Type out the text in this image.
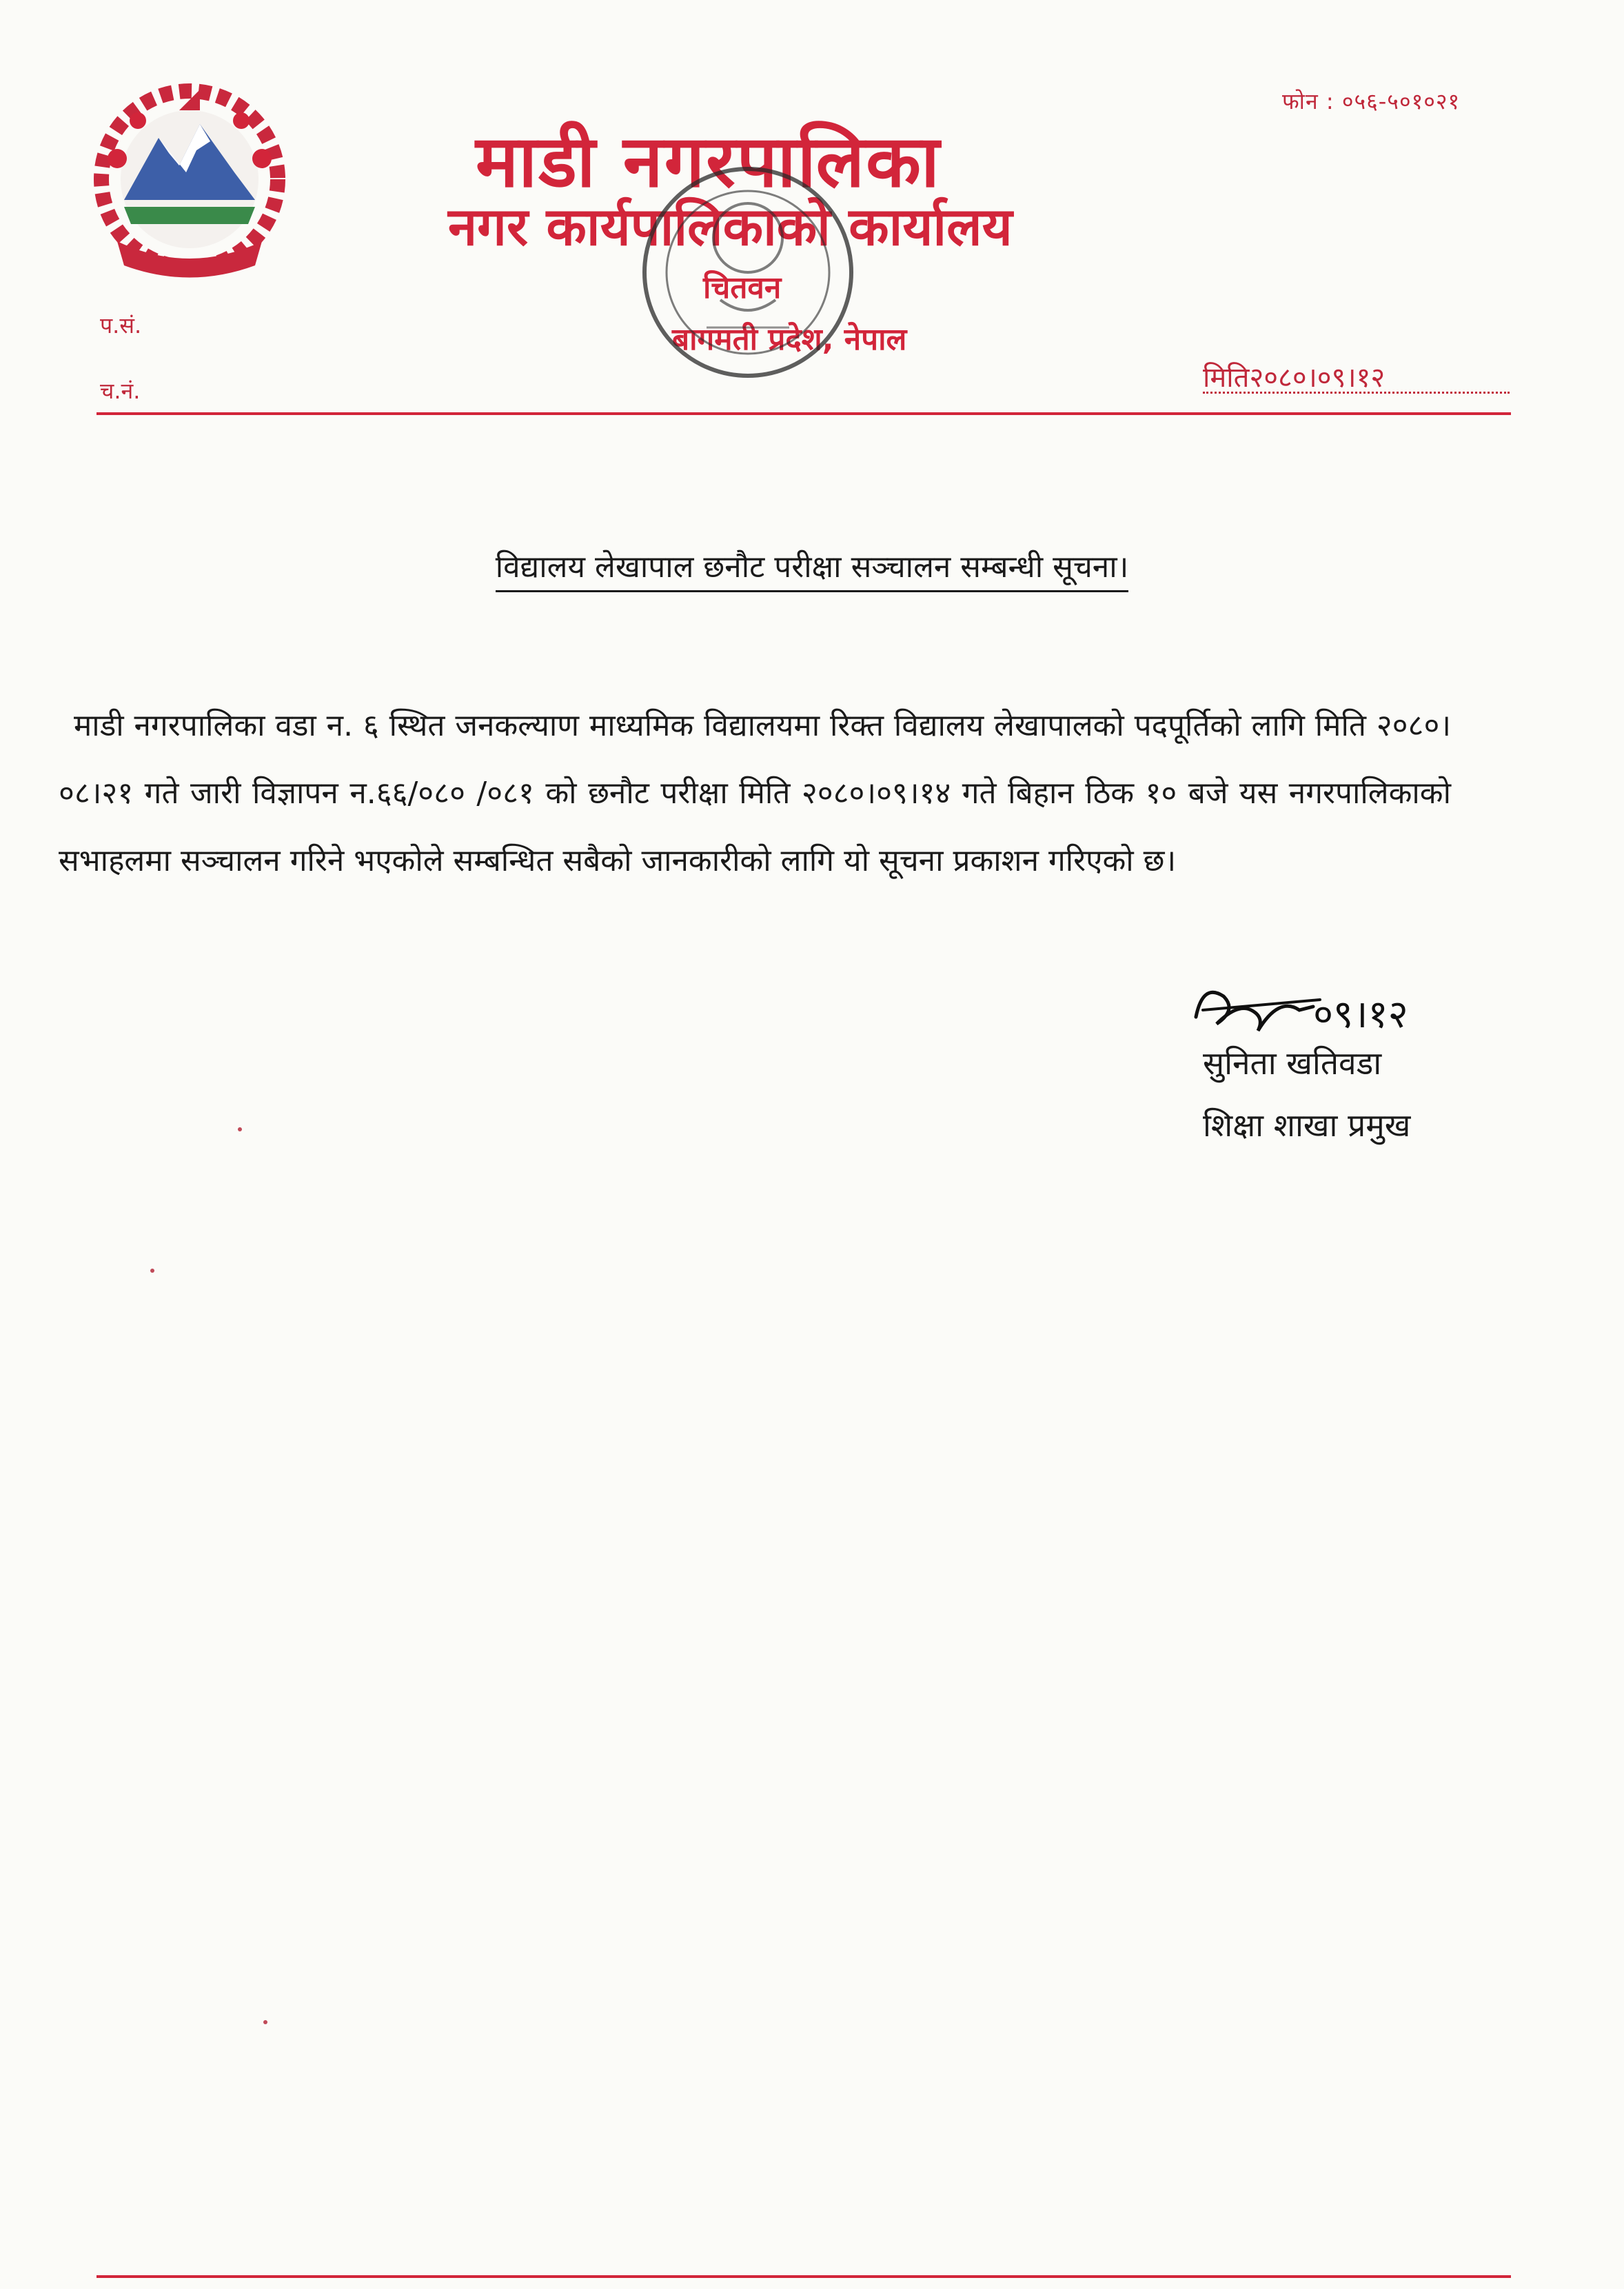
फोन : ०५६-५०१०२१
माडी नगरपालिका
नगर कार्यपालिकाको कार्यालय
चितवन
बागमती प्रदेश, नेपाल
प.सं.
च.नं.	मिति२०८०।०९।१२
विद्यालय लेखापाल छनौट परीक्षा सञ्चालन सम्बन्धी सूचना।

माडी नगरपालिका वडा न. ६ स्थित जनकल्याण माध्यमिक विद्यालयमा रिक्त विद्यालय लेखापालको पदपूर्तिको लागि मिति २०८०।०८।२१ गते जारी विज्ञापन न.६६/०८० /०८१ को छनौट परीक्षा मिति २०८०।०९।१४ गते बिहान ठिक १० बजे यस नगरपालिकाको सभाहलमा सञ्चालन गरिने भएकोले सम्बन्धित सबैको जानकारीको लागि यो सूचना प्रकाशन गरिएको छ।

०९।१२
सुनिता खतिवडा
शिक्षा शाखा प्रमुख
